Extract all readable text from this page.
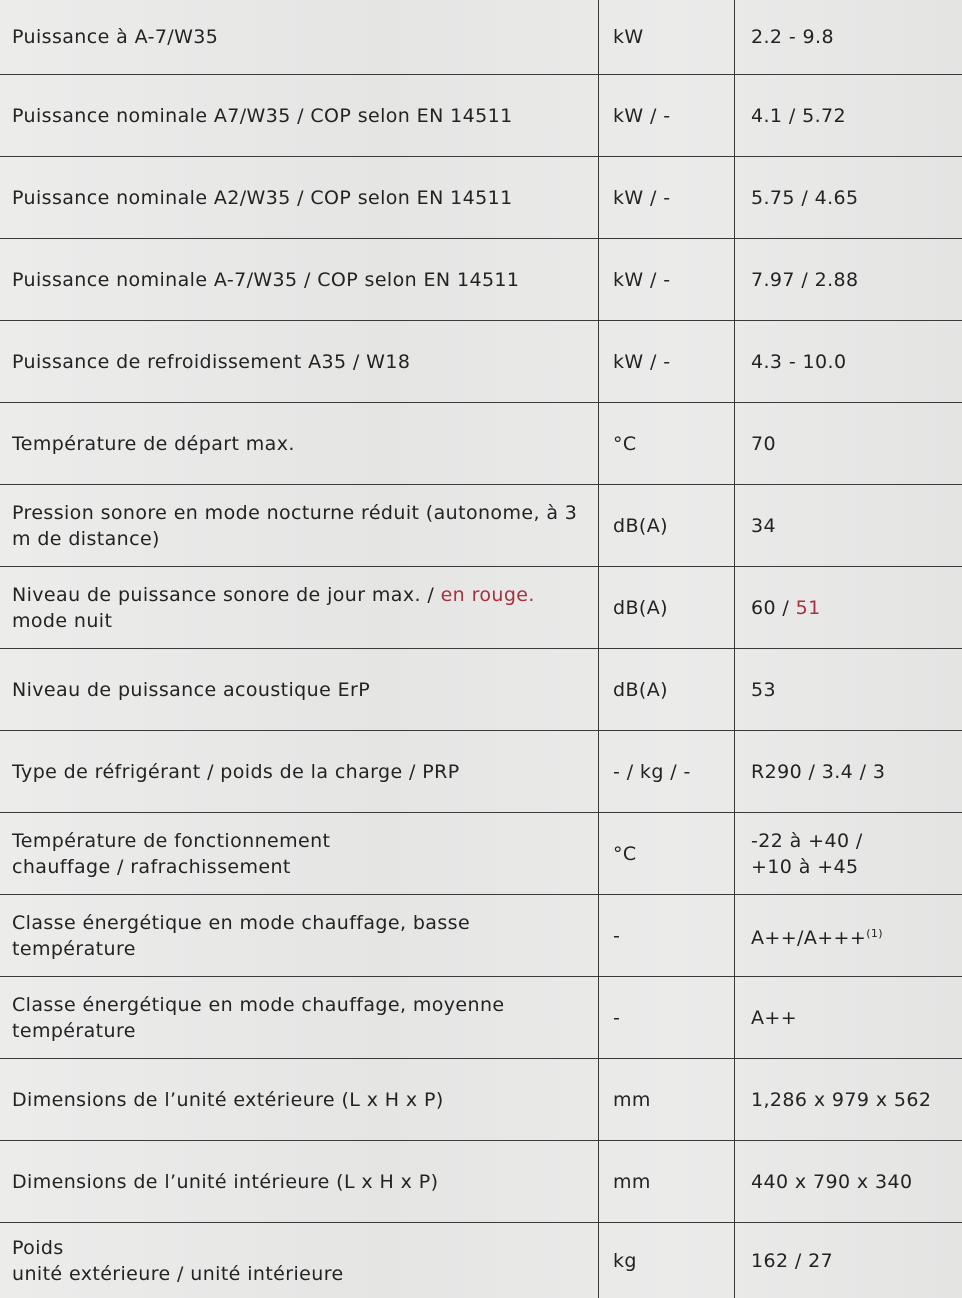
Puissance à A-7/W35	kW	2.2 - 9.8
Puissance nominale A7/W35 / COP selon EN 14511	kW / -	4.1 / 5.72
Puissance nominale A2/W35 / COP selon EN 14511	kW / -	5.75 / 4.65
Puissance nominale A-7/W35 / COP selon EN 14511	kW / -	7.97 / 2.88
Puissance de refroidissement A35 / W18	kW / -	4.3 - 10.0
Température de départ max.	°C	70
Pression sonore en mode nocturne réduit (autonome, à 3 m de distance)	dB(A)	34
Niveau de puissance sonore de jour max. / en rouge.
mode nuit	dB(A)	60 / 51
Niveau de puissance acoustique ErP	dB(A)	53
Type de réfrigérant / poids de la charge / PRP	- / kg / -	R290 / 3.4 / 3
Température de fonctionnement
chauffage / rafrachissement	°C	-22 à +40 /
+10 à +45
Classe énergétique en mode chauffage, basse température	-	A++/A+++$^{(1)}$
Classe énergétique en mode chauffage, moyenne température	-	A++
Dimensions de l’unité extérieure (L x H x P)	mm	1,286 x 979 x 562
Dimensions de l’unité intérieure (L x H x P)	mm	440 x 790 x 340
Poids
unité extérieure / unité intérieure	kg	162 / 27
